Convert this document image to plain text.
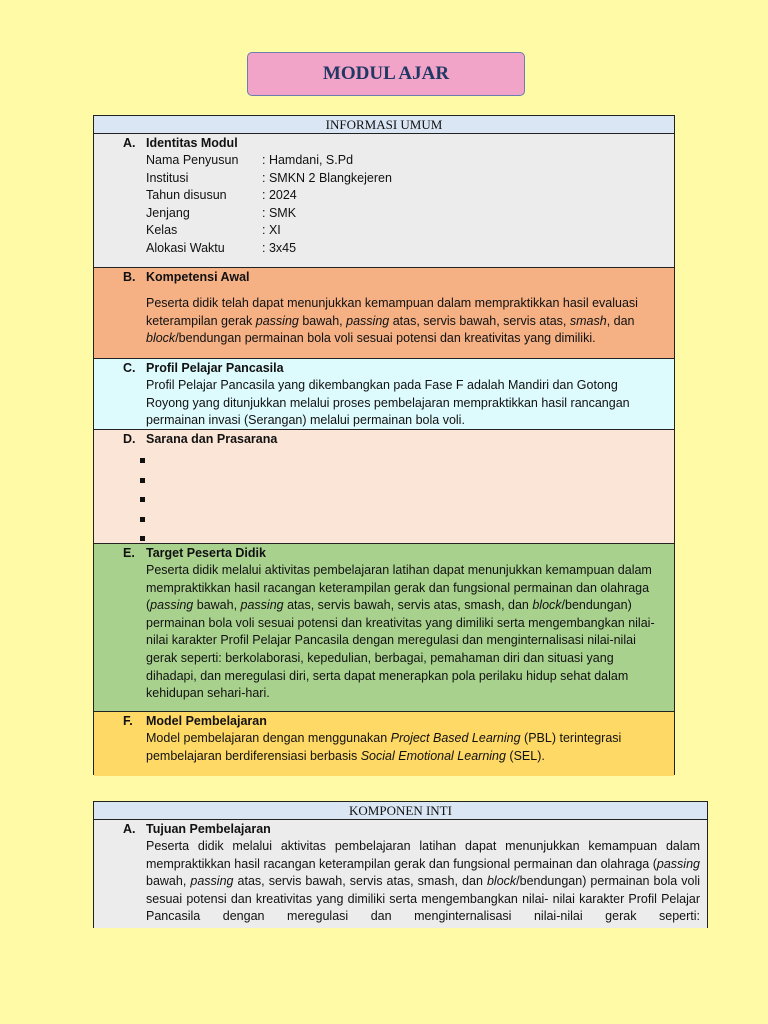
MODUL AJAR
INFORMASI UMUM
A. Identitas Modul
Nama Penyusun	: Hamdani, S.Pd
Institusi	: SMKN 2 Blangkejeren
Tahun disusun	: 2024
Jenjang	: SMK
Kelas	: XI
Alokasi Waktu	: 3x45
B. Kompetensi Awal
Peserta didik telah dapat menunjukkan kemampuan dalam mempraktikkan hasil evaluasi keterampilan gerak passing bawah, passing atas, servis bawah, servis atas, smash, dan block/bendungan permainan bola voli sesuai potensi dan kreativitas yang dimiliki.
C. Profil Pelajar Pancasila
Profil Pelajar Pancasila yang dikembangkan pada Fase F adalah Mandiri dan Gotong Royong yang ditunjukkan melalui proses pembelajaran mempraktikkan hasil rancangan permainan invasi (Serangan) melalui permainan bola voli.
D. Sarana dan Prasarana
E. Target Peserta Didik
Peserta didik melalui aktivitas pembelajaran latihan dapat menunjukkan kemampuan dalam mempraktikkan hasil racangan keterampilan gerak dan fungsional permainan dan olahraga (passing bawah, passing atas, servis bawah, servis atas, smash, dan block/bendungan) permainan bola voli sesuai potensi dan kreativitas yang dimiliki serta mengembangkan nilai- nilai karakter Profil Pelajar Pancasila dengan meregulasi dan menginternalisasi nilai-nilai gerak seperti: berkolaborasi, kepedulian, berbagai, pemahaman diri dan situasi yang dihadapi, dan meregulasi diri, serta dapat menerapkan pola perilaku hidup sehat dalam kehidupan sehari-hari.
F.	Model Pembelajaran
Model pembelajaran dengan menggunakan Project Based Learning (PBL) terintegrasi pembelajaran berdiferensiasi berbasis Social Emotional Learning (SEL).
KOMPONEN INTI
A. Tujuan Pembelajaran
Peserta didik melalui aktivitas pembelajaran latihan dapat menunjukkan kemampuan dalam mempraktikkan hasil racangan keterampilan gerak dan fungsional permainan dan olahraga (passing bawah, passing atas, servis bawah, servis atas, smash, dan block/bendungan) permainan bola voli sesuai potensi dan kreativitas yang dimiliki serta mengembangkan nilai- nilai karakter Profil Pelajar Pancasila dengan meregulasi dan menginternalisasi nilai-nilai gerak seperti:
